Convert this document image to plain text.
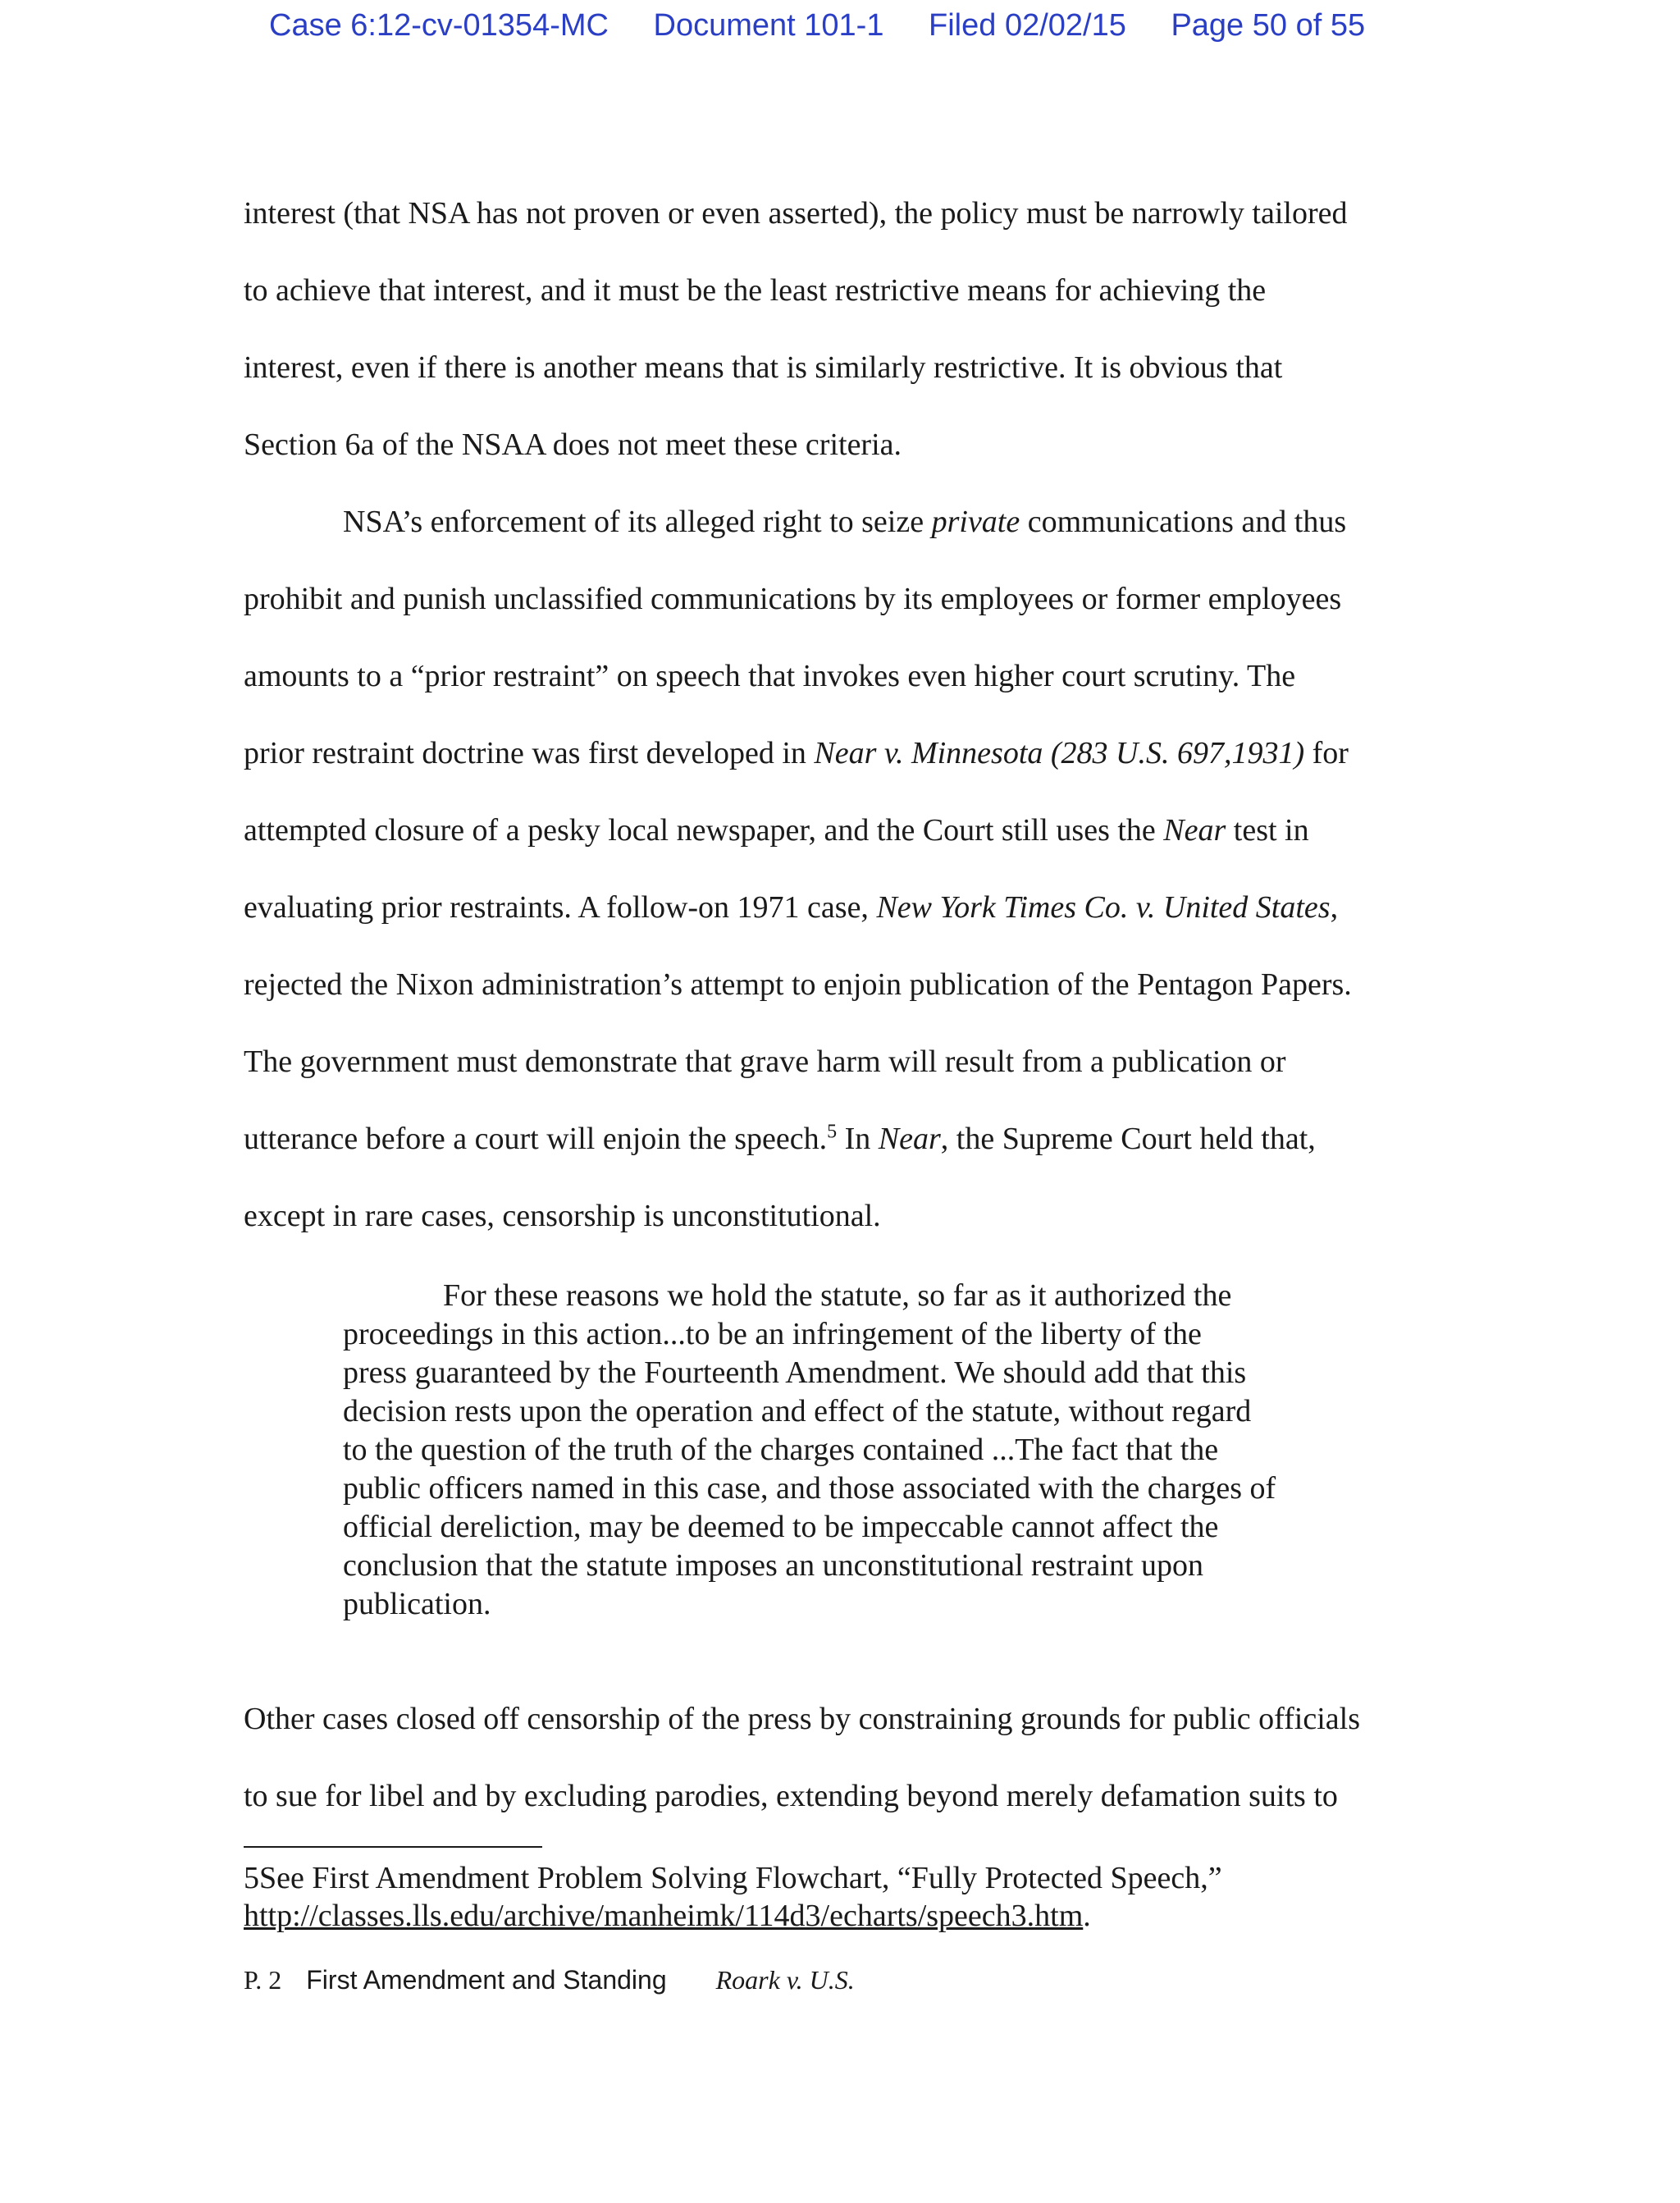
Case 6:12-cv-01354-MC Document 101-1 Filed 02/02/15 Page 50 of 55
interest (that NSA has not proven or even asserted), the policy must be narrowly tailored
to achieve that interest, and it must be the least restrictive means for achieving the
interest, even if there is another means that is similarly restrictive. It is obvious that
Section 6a of the NSAA does not meet these criteria.
NSA’s enforcement of its alleged right to seize private communications and thus
prohibit and punish unclassified communications by its employees or former employees
amounts to a “prior restraint” on speech that invokes even higher court scrutiny. The
prior restraint doctrine was first developed in Near v. Minnesota (283 U.S. 697,1931) for
attempted closure of a pesky local newspaper, and the Court still uses the Near test in
evaluating prior restraints. A follow-on 1971 case, New York Times Co. v. United States,
rejected the Nixon administration’s attempt to enjoin publication of the Pentagon Papers.
The government must demonstrate that grave harm will result from a publication or
utterance before a court will enjoin the speech.$^5$ In Near, the Supreme Court held that,
except in rare cases, censorship is unconstitutional.
For these reasons we hold the statute, so far as it authorized the
proceedings in this action...to be an infringement of the liberty of the
press guaranteed by the Fourteenth Amendment. We should add that this
decision rests upon the operation and effect of the statute, without regard
to the question of the truth of the charges contained ...The fact that the
public officers named in this case, and those associated with the charges of
official dereliction, may be deemed to be impeccable cannot affect the
conclusion that the statute imposes an unconstitutional restraint upon
publication.
Other cases closed off censorship of the press by constraining grounds for public officials
to sue for libel and by excluding parodies, extending beyond merely defamation suits to
5See First Amendment Problem Solving Flowchart, “Fully Protected Speech,”
http://classes.lls.edu/archive/manheimk/114d3/echarts/speech3.htm.
P. 2 First Amendment and Standing Roark v. U.S.
